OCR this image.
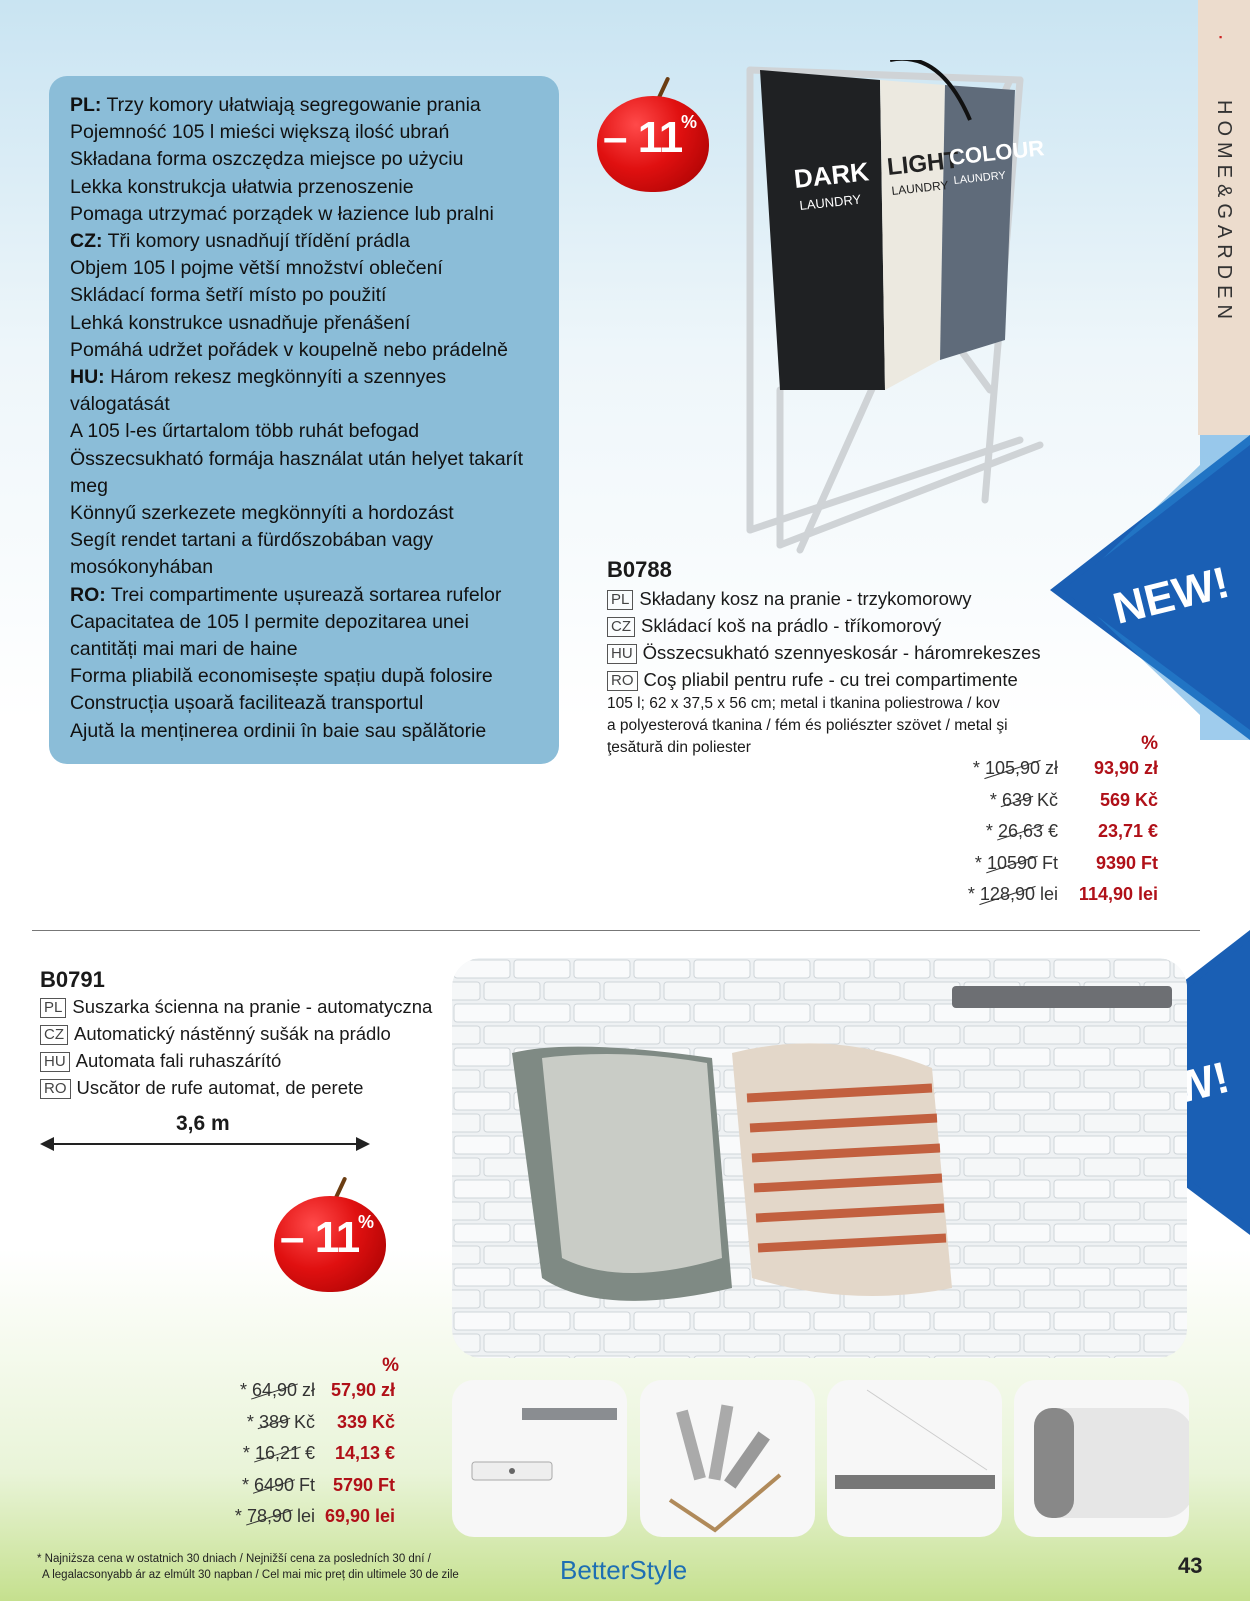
PL: Trzy komory ułatwiają segregowanie prania
Pojemność 105 l mieści większą ilość ubrań
Składana forma oszczędza miejsce po użyciu
Lekka konstrukcja ułatwia przenoszenie
Pomaga utrzymać porządek w łazience lub pralni
CZ: Tři komory usnadňují třídění prádla
Objem 105 l pojme větší množství oblečení
Skládací forma šetří místo po použití
Lehká konstrukce usnadňuje přenášení
Pomáhá udržet pořádek v koupelně nebo prádelně
HU: Három rekesz megkönnyíti a szennyes
válogatását
A 105 l-es űrtartalom több ruhát befogad
Összecsukható formája használat után helyet takarít
meg
Könnyű szerkezete megkönnyíti a hordozást
Segít rendet tartani a fürdőszobában vagy
mosókonyhában
RO: Trei compartimente ușurează sortarea rufelor
Capacitatea de 105 l permite depozitarea unei
cantități mai mari de haine
Forma pliabilă economisește spațiu după folosire
Construcția ușoară facilitează transportul
Ajută la menținerea ordinii în baie sau spălătorie
– 11
%
DARK
LAUNDRY
LIGHT
LAUNDRY
COLOUR
LAUNDRY
▪
HOME&GARDEN
NEW!
B0788
PL Składany kosz na pranie - trzykomorowy
CZ Skládací koš na prádlo - tříkomorový
HU Összecsukható szennyeskosár - háromrekeszes
RO Coş pliabil pentru rufe - cu trei compartimente
105 l; 62 x 37,5 x 56 cm; metal i tkanina poliestrowa / kov
a polyesterová tkanina / fém és poliészter szövet / metal şi
ţesătură din poliester	%
* 105,90 zł 93,90 zł
* 639 Kč 569 Kč
* 26,63 € 23,71 €
* 10590 Ft 9390 Ft
* 128,90 lei 114,90 lei
B0791
PL Suszarka ścienna na pranie - automatyczna
CZ Automatický nástěnný sušák na prádlo
HU Automata fali ruhaszárító
RO Uscător de rufe automat, de perete
3,6 m
– 11
%
%
* 64,90 zł 57,90 zł
* 389 Kč 339 Kč
* 16,21 € 14,13 €
* 6490 Ft 5790 Ft
* 78,90 lei 69,90 lei
* Najniższa cena w ostatnich 30 dniach / Nejnižší cena za posledních 30 dní /
A legalacsonyabb ár az elmúlt 30 napban / Cel mai mic preț din ultimele 30 de zile	BetterStyle	43
